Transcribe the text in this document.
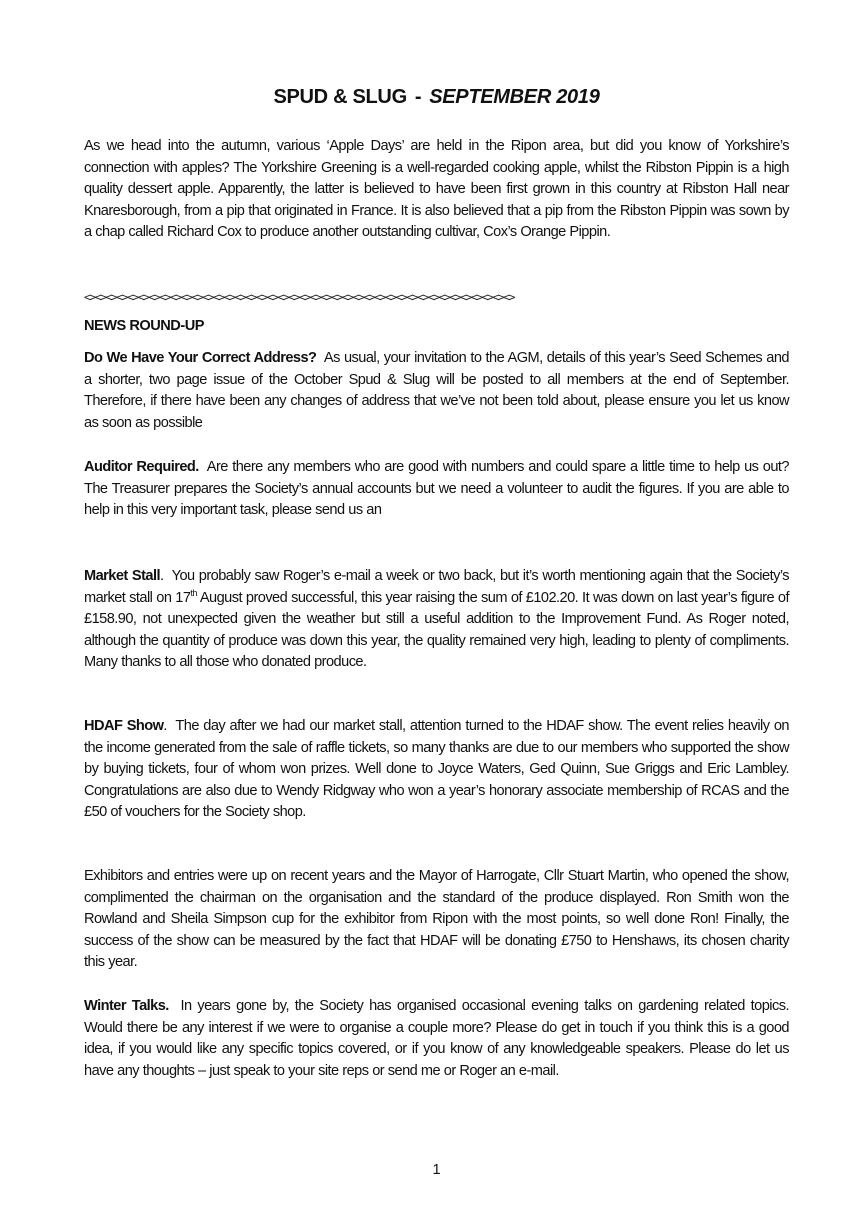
SPUD & SLUG - SEPTEMBER 2019

As we head into the autumn, various ‘Apple Days’ are held in the Ripon area, but did you know of Yorkshire’s connection with apples? The Yorkshire Greening is a well-regarded cooking apple, whilst the Ribston Pippin is a high quality dessert apple. Apparently, the latter is believed to have been first grown in this country at Ribston Hall near Knaresborough, from a pip that originated in France. It is also believed that a pip from the Ribston Pippin was sown by a chap called Richard Cox to produce another outstanding cultivar, Cox’s Orange Pippin.

<><><><><><><><><><><><><><><><><><><><><><><><><><><><><><><><><><><><><><><><>
NEWS ROUND-UP

Do We Have Your Correct Address? As usual, your invitation to the AGM, details of this year’s Seed Schemes and a shorter, two page issue of the October Spud & Slug will be posted to all members at the end of September. Therefore, if there have been any changes of address that we’ve not been told about, please ensure you let us know as soon as possible

Auditor Required. Are there any members who are good with numbers and could spare a little time to help us out? The Treasurer prepares the Society’s annual accounts but we need a volunteer to audit the figures. If you are able to help in this very important task, please send us an

Market Stall. You probably saw Roger’s e-mail a week or two back, but it’s worth mentioning again that the Society’s market stall on 17th August proved successful, this year raising the sum of £102.20. It was down on last year’s figure of £158.90, not unexpected given the weather but still a useful addition to the Improvement Fund. As Roger noted, although the quantity of produce was down this year, the quality remained very high, leading to plenty of compliments. Many thanks to all those who donated produce.

HDAF Show. The day after we had our market stall, attention turned to the HDAF show. The event relies heavily on the income generated from the sale of raffle tickets, so many thanks are due to our members who supported the show by buying tickets, four of whom won prizes. Well done to Joyce Waters, Ged Quinn, Sue Griggs and Eric Lambley. Congratulations are also due to Wendy Ridgway who won a year’s honorary associate membership of RCAS and the £50 of vouchers for the Society shop.

Exhibitors and entries were up on recent years and the Mayor of Harrogate, Cllr Stuart Martin, who opened the show, complimented the chairman on the organisation and the standard of the produce displayed. Ron Smith won the Rowland and Sheila Simpson cup for the exhibitor from Ripon with the most points, so well done Ron! Finally, the success of the show can be measured by the fact that HDAF will be donating £750 to Henshaws, its chosen charity this year.

Winter Talks. In years gone by, the Society has organised occasional evening talks on gardening related topics. Would there be any interest if we were to organise a couple more? Please do get in touch if you think this is a good idea, if you would like any specific topics covered, or if you know of any knowledgeable speakers. Please do let us have any thoughts – just speak to your site reps or send me or Roger an e-mail.

1
